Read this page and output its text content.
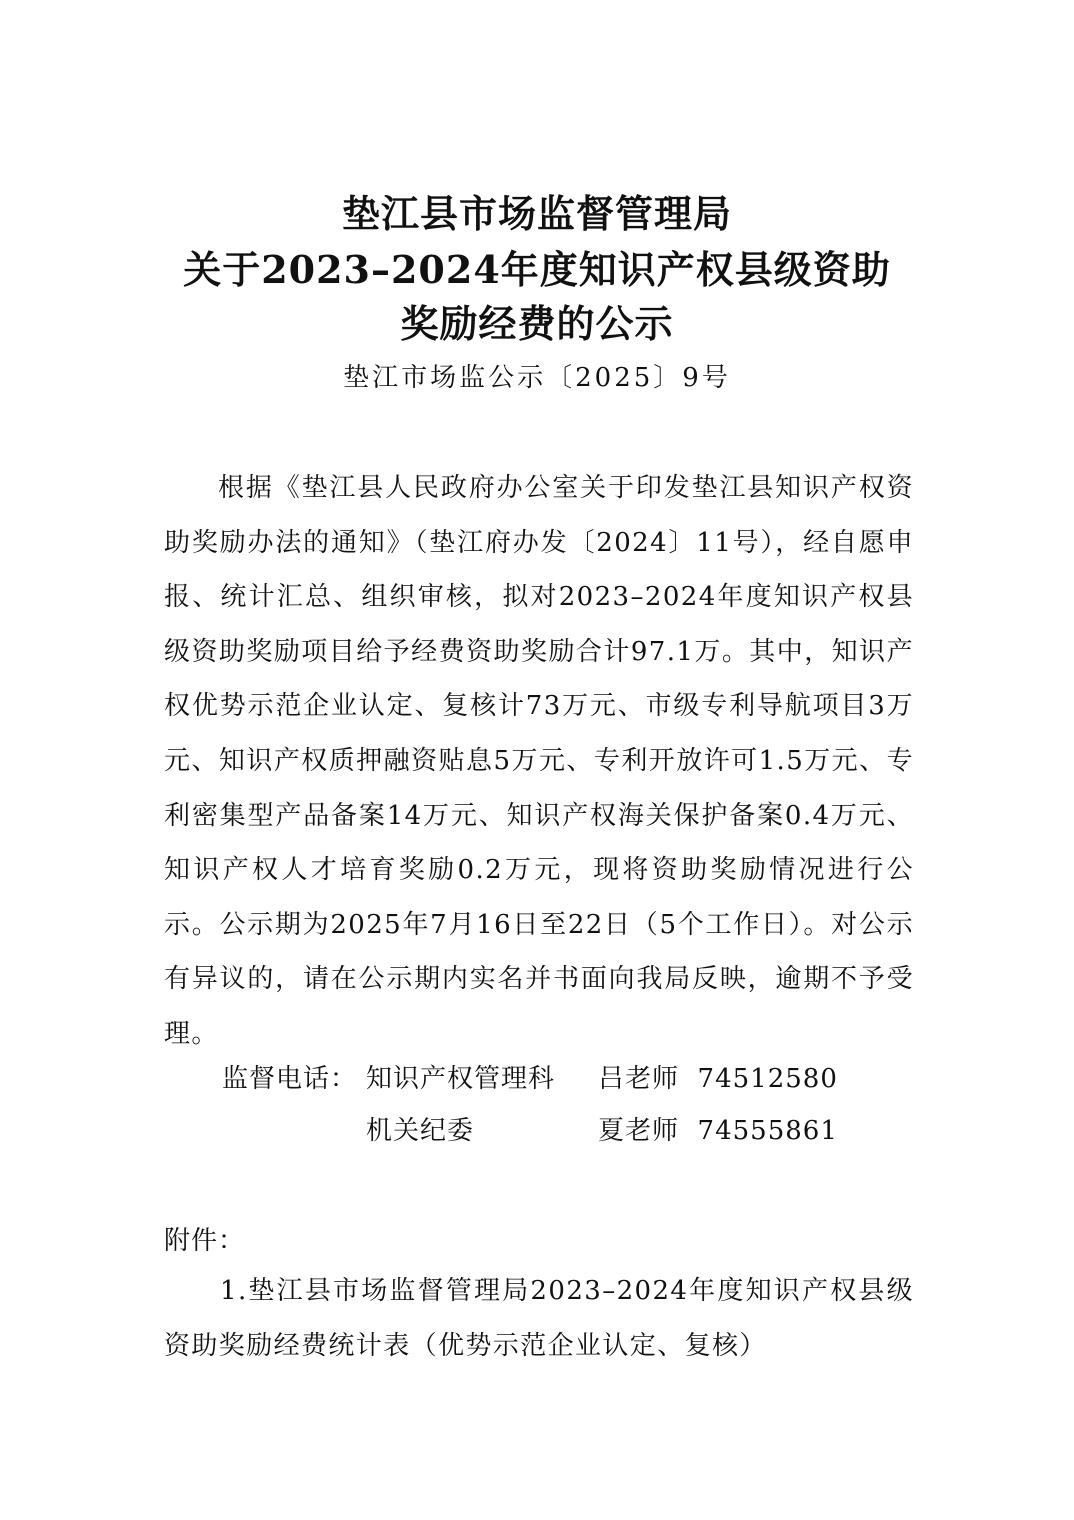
垫江县市场监督管理局
关于2023–2024年度知识产权县级资助
奖励经费的公示
垫江市场监公示〔2025〕9号

根据《垫江县人民政府办公室关于印发垫江县知识产权资助奖励办法的通知》（垫江府办发〔2024〕11号），经自愿申报、统计汇总、组织审核，拟对2023–2024年度知识产权县级资助奖励项目给予经费资助奖励合计97.1万。其中，知识产权优势示范企业认定、复核计73万元、市级专利导航项目3万元、知识产权质押融资贴息5万元、专利开放许可1.5万元、专利密集型产品备案14万元、知识产权海关保护备案0.4万元、知识产权人才培育奖励0.2万元，现将资助奖励情况进行公示。公示期为2025年7月16日至22日（5个工作日）。对公示有异议的，请在公示期内实名并书面向我局反映，逾期不予受理。

监督电话： 知识产权管理科 吕老师  74512580
机关纪委	夏老师  74555861
附件：

1.垫江县市场监督管理局2023–2024年度知识产权县级资助奖励经费统计表（优势示范企业认定、复核）
